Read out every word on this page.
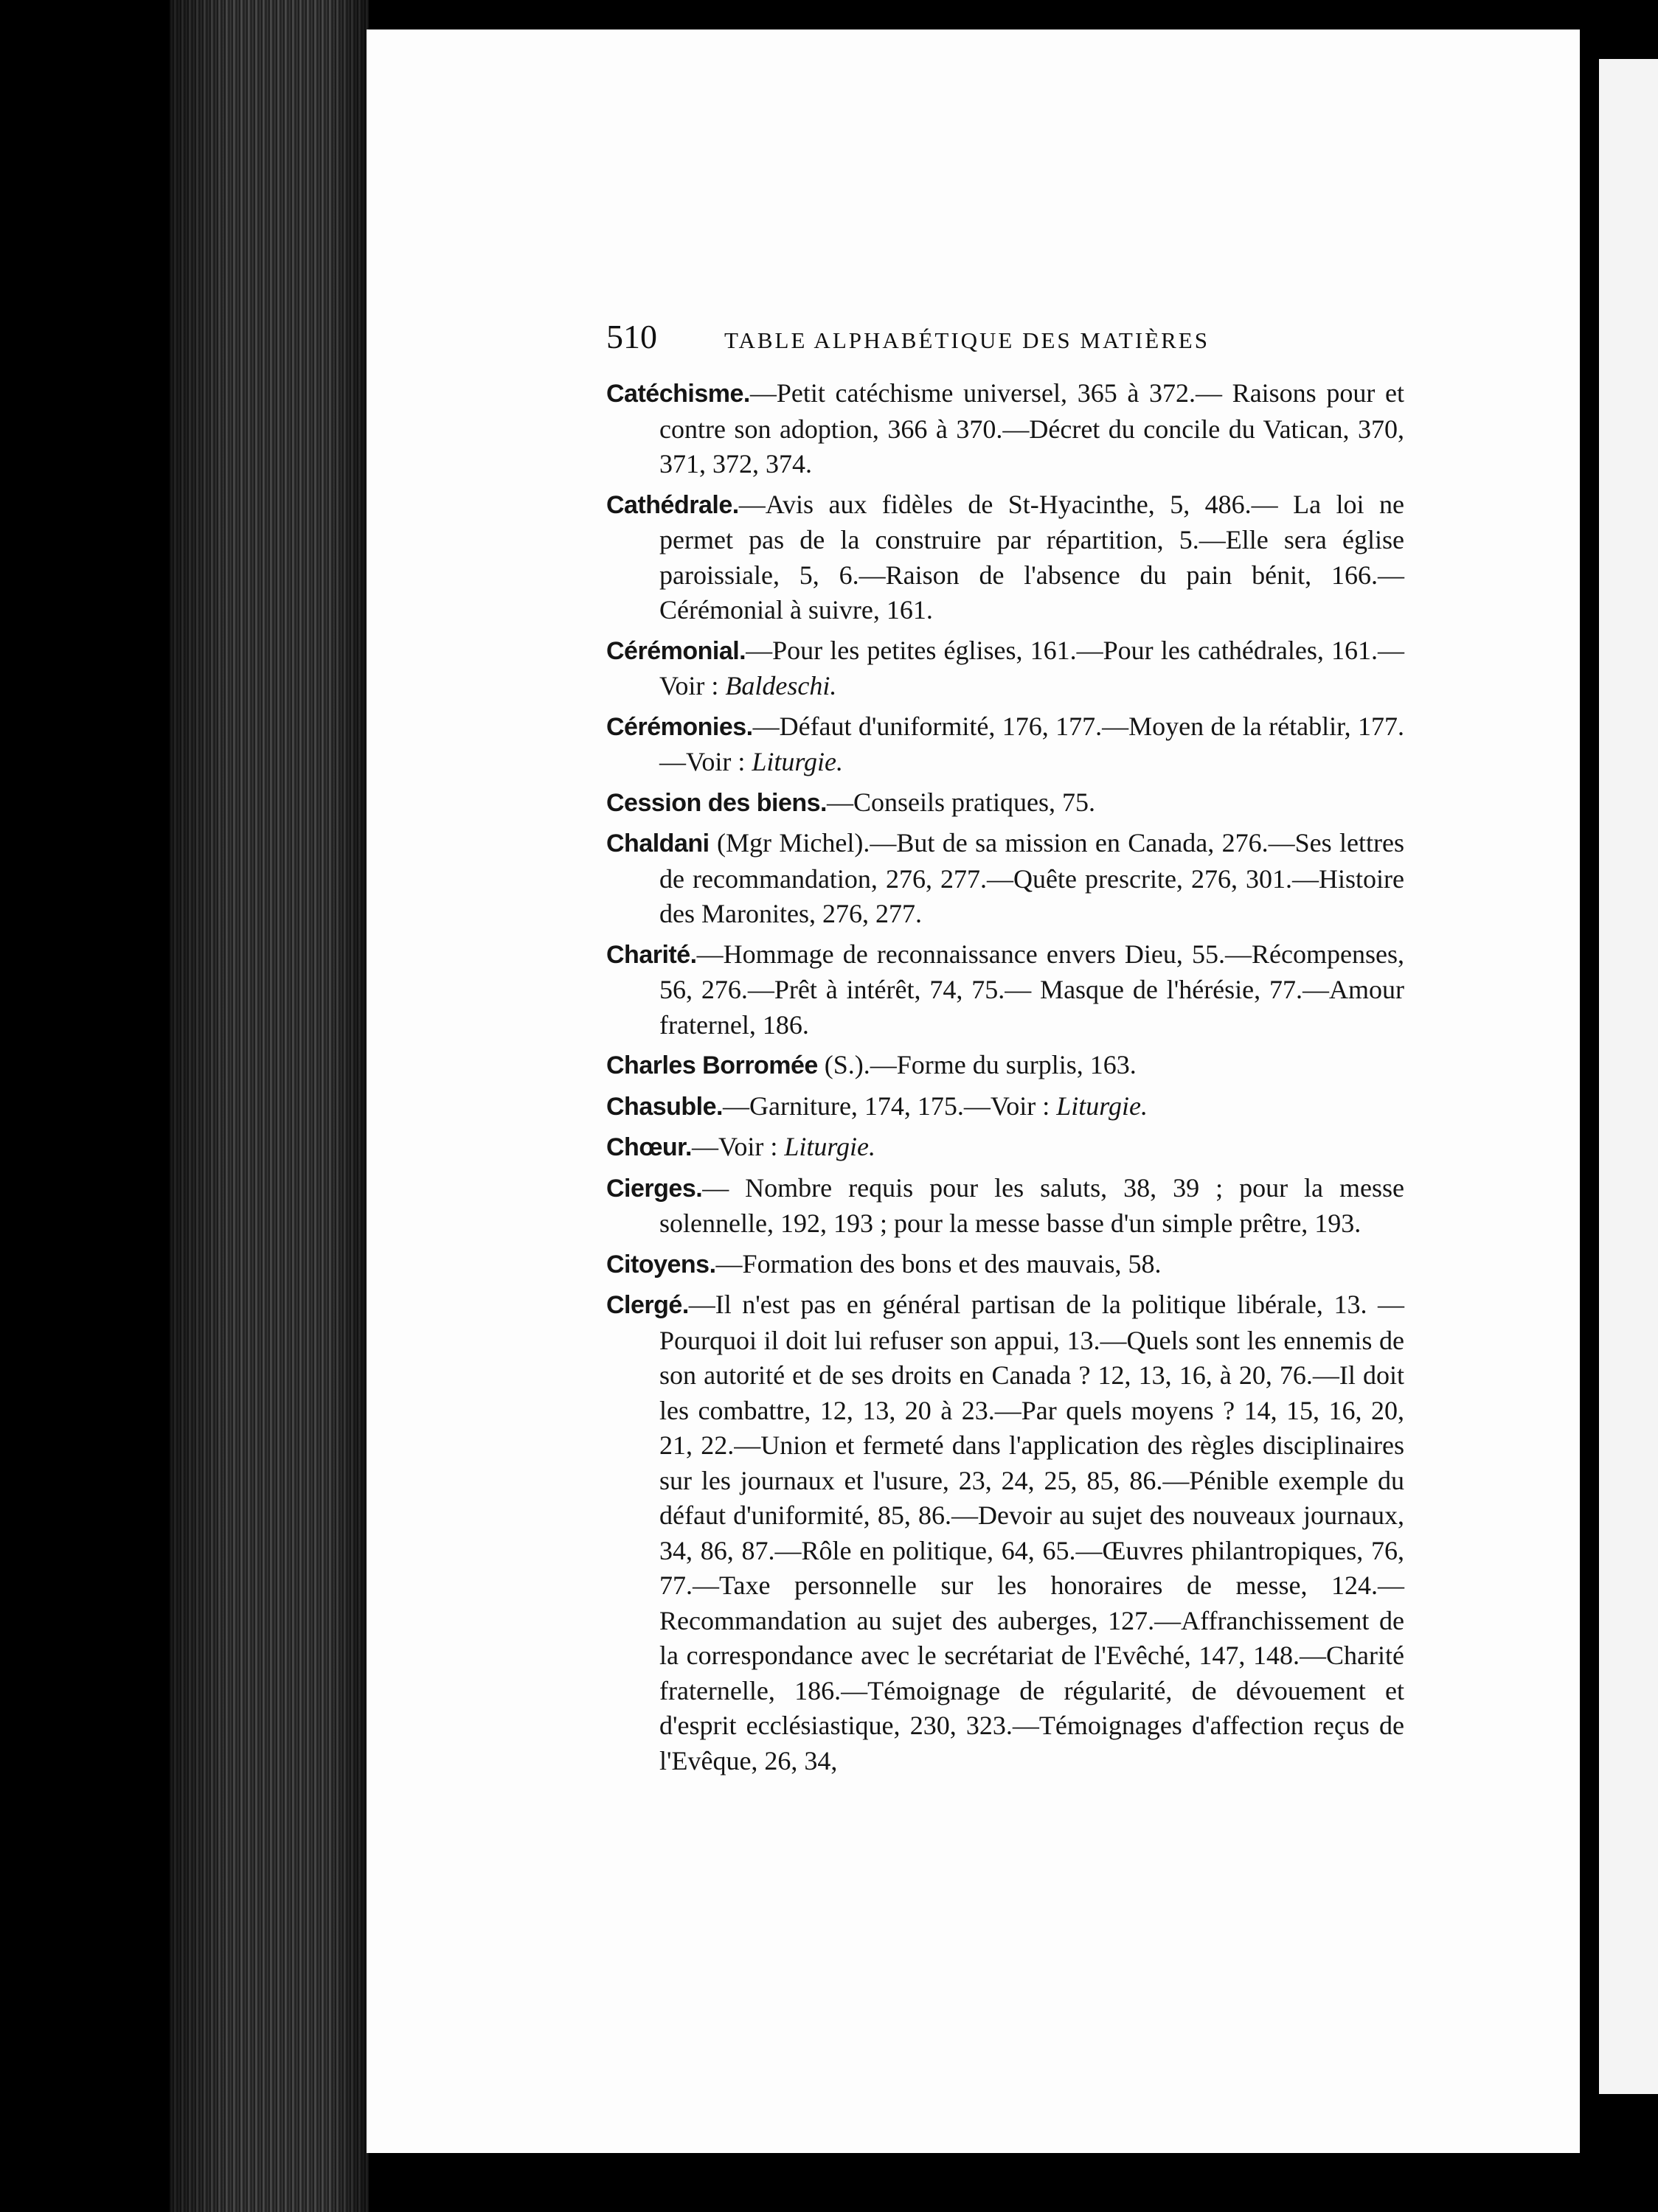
510	TABLE ALPHABÉTIQUE DES MATIÈRES

Catéchisme.—Petit catéchisme universel, 365 à 372.— Raisons pour et contre son adoption, 366 à 370.—Décret du concile du Vatican, 370, 371, 372, 374.

Cathédrale.—Avis aux fidèles de St-Hyacinthe, 5, 486.— La loi ne permet pas de la construire par répartition, 5.—Elle sera église paroissiale, 5, 6.—Raison de l'absence du pain bénit, 166.—Cérémonial à suivre, 161.

Cérémonial.—Pour les petites églises, 161.—Pour les cathédrales, 161.—Voir : Baldeschi.

Cérémonies.—Défaut d'uniformité, 176, 177.—Moyen de la rétablir, 177.—Voir : Liturgie.

Cession des biens.—Conseils pratiques, 75.

Chaldani (Mgr Michel).—But de sa mission en Canada, 276.—Ses lettres de recommandation, 276, 277.—Quête prescrite, 276, 301.—Histoire des Maronites, 276, 277.

Charité.—Hommage de reconnaissance envers Dieu, 55.—Récompenses, 56, 276.—Prêt à intérêt, 74, 75.— Masque de l'hérésie, 77.—Amour fraternel, 186.

Charles Borromée (S.).—Forme du surplis, 163.

Chasuble.—Garniture, 174, 175.—Voir : Liturgie.

Chœur.—Voir : Liturgie.

Cierges.— Nombre requis pour les saluts, 38, 39 ; pour la messe solennelle, 192, 193 ; pour la messe basse d'un simple prêtre, 193.

Citoyens.—Formation des bons et des mauvais, 58.

Clergé.—Il n'est pas en général partisan de la politique libérale, 13. —Pourquoi il doit lui refuser son appui, 13.—Quels sont les ennemis de son autorité et de ses droits en Canada ? 12, 13, 16, à 20, 76.—Il doit les combattre, 12, 13, 20 à 23.—Par quels moyens ? 14, 15, 16, 20, 21, 22.—Union et fermeté dans l'application des règles disciplinaires sur les journaux et l'usure, 23, 24, 25, 85, 86.—Pénible exemple du défaut d'uniformité, 85, 86.—Devoir au sujet des nouveaux journaux, 34, 86, 87.—Rôle en politique, 64, 65.—Œuvres philantropiques, 76, 77.—Taxe personnelle sur les honoraires de messe, 124.—Recommandation au sujet des auberges, 127.—Affranchissement de la correspondance avec le secrétariat de l'Evêché, 147, 148.—Charité fraternelle, 186.—Témoignage de régularité, de dévouement et d'esprit ecclésiastique, 230, 323.—Témoignages d'affection reçus de l'Evêque, 26, 34,
